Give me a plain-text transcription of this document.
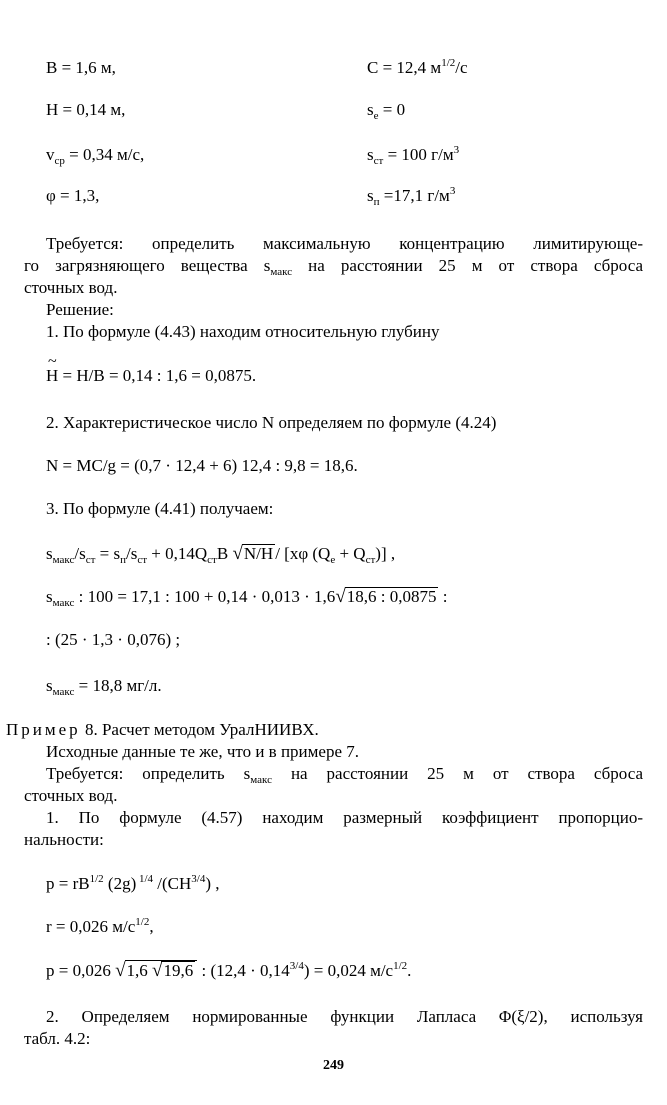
B = 1,6 м,	C = 12,4 $м^{1/2}/с$
H = 0,14 м,	$s_e = 0$
$v_{ср} = 0,34$ м/с,	$s_{ст} = 100$ $г/м^3$
φ = 1,3,	$s_п =17,1$ $г/м^3$
Требуется: определить максимальную концентрацию лимитирующе-
го загрязняющего вещества $s_{макс}$ на расстоянии 25 м от створа сброса
сточных вод.
Решение:
1. По формуле (4.43) находим относительную глубину
~ H = H/B = 0,14 : 1,6 = 0,0875.
2. Характеристическое число N определяем по формуле (4.24)
N = MC/g = (0,7 · 12,4 + 6) 12,4 : 9,8 = 18,6.
3. По формуле (4.41) получаем:
$s_{макс}/s_{ст} = s_п/s_{ст} + 0,14Q_{ст}B$ √ N/H / [xφ $(Q_e + Q_{ст})$] ,
$s_{макс}$ : 100 = 17,1 : 100 + 0,14 · 0,013 · 1,6 √ 18,6 : 0,0875 :
: (25 · 1,3 · 0,076) ;
$s_{макс} = 18,8$ мг/л.
Пример 8. Расчет методом УралНИИВХ.
Исходные данные те же, что и в примере 7.
Требуется: определить $s_{макс}$ на расстоянии 25 м от створа сброса
сточных вод.
1. По формуле (4.57) находим размерный коэффициент пропорцио-
нальности:
$p = rB^{1/2}$ (2g) $^{1/4}$ $/(CH^{3/4})$ ,
r = 0,026 $м/с^{1/2}$,
p = 0,026 √ 1,6 √ 19,6 : $(12,4 \cdot 0,14^{3/4}) = 0,024$ $м/с^{1/2}$.
2. Определяем нормированные функции Лапласа Φ(ξ/2), используя
табл. 4.2:
249
